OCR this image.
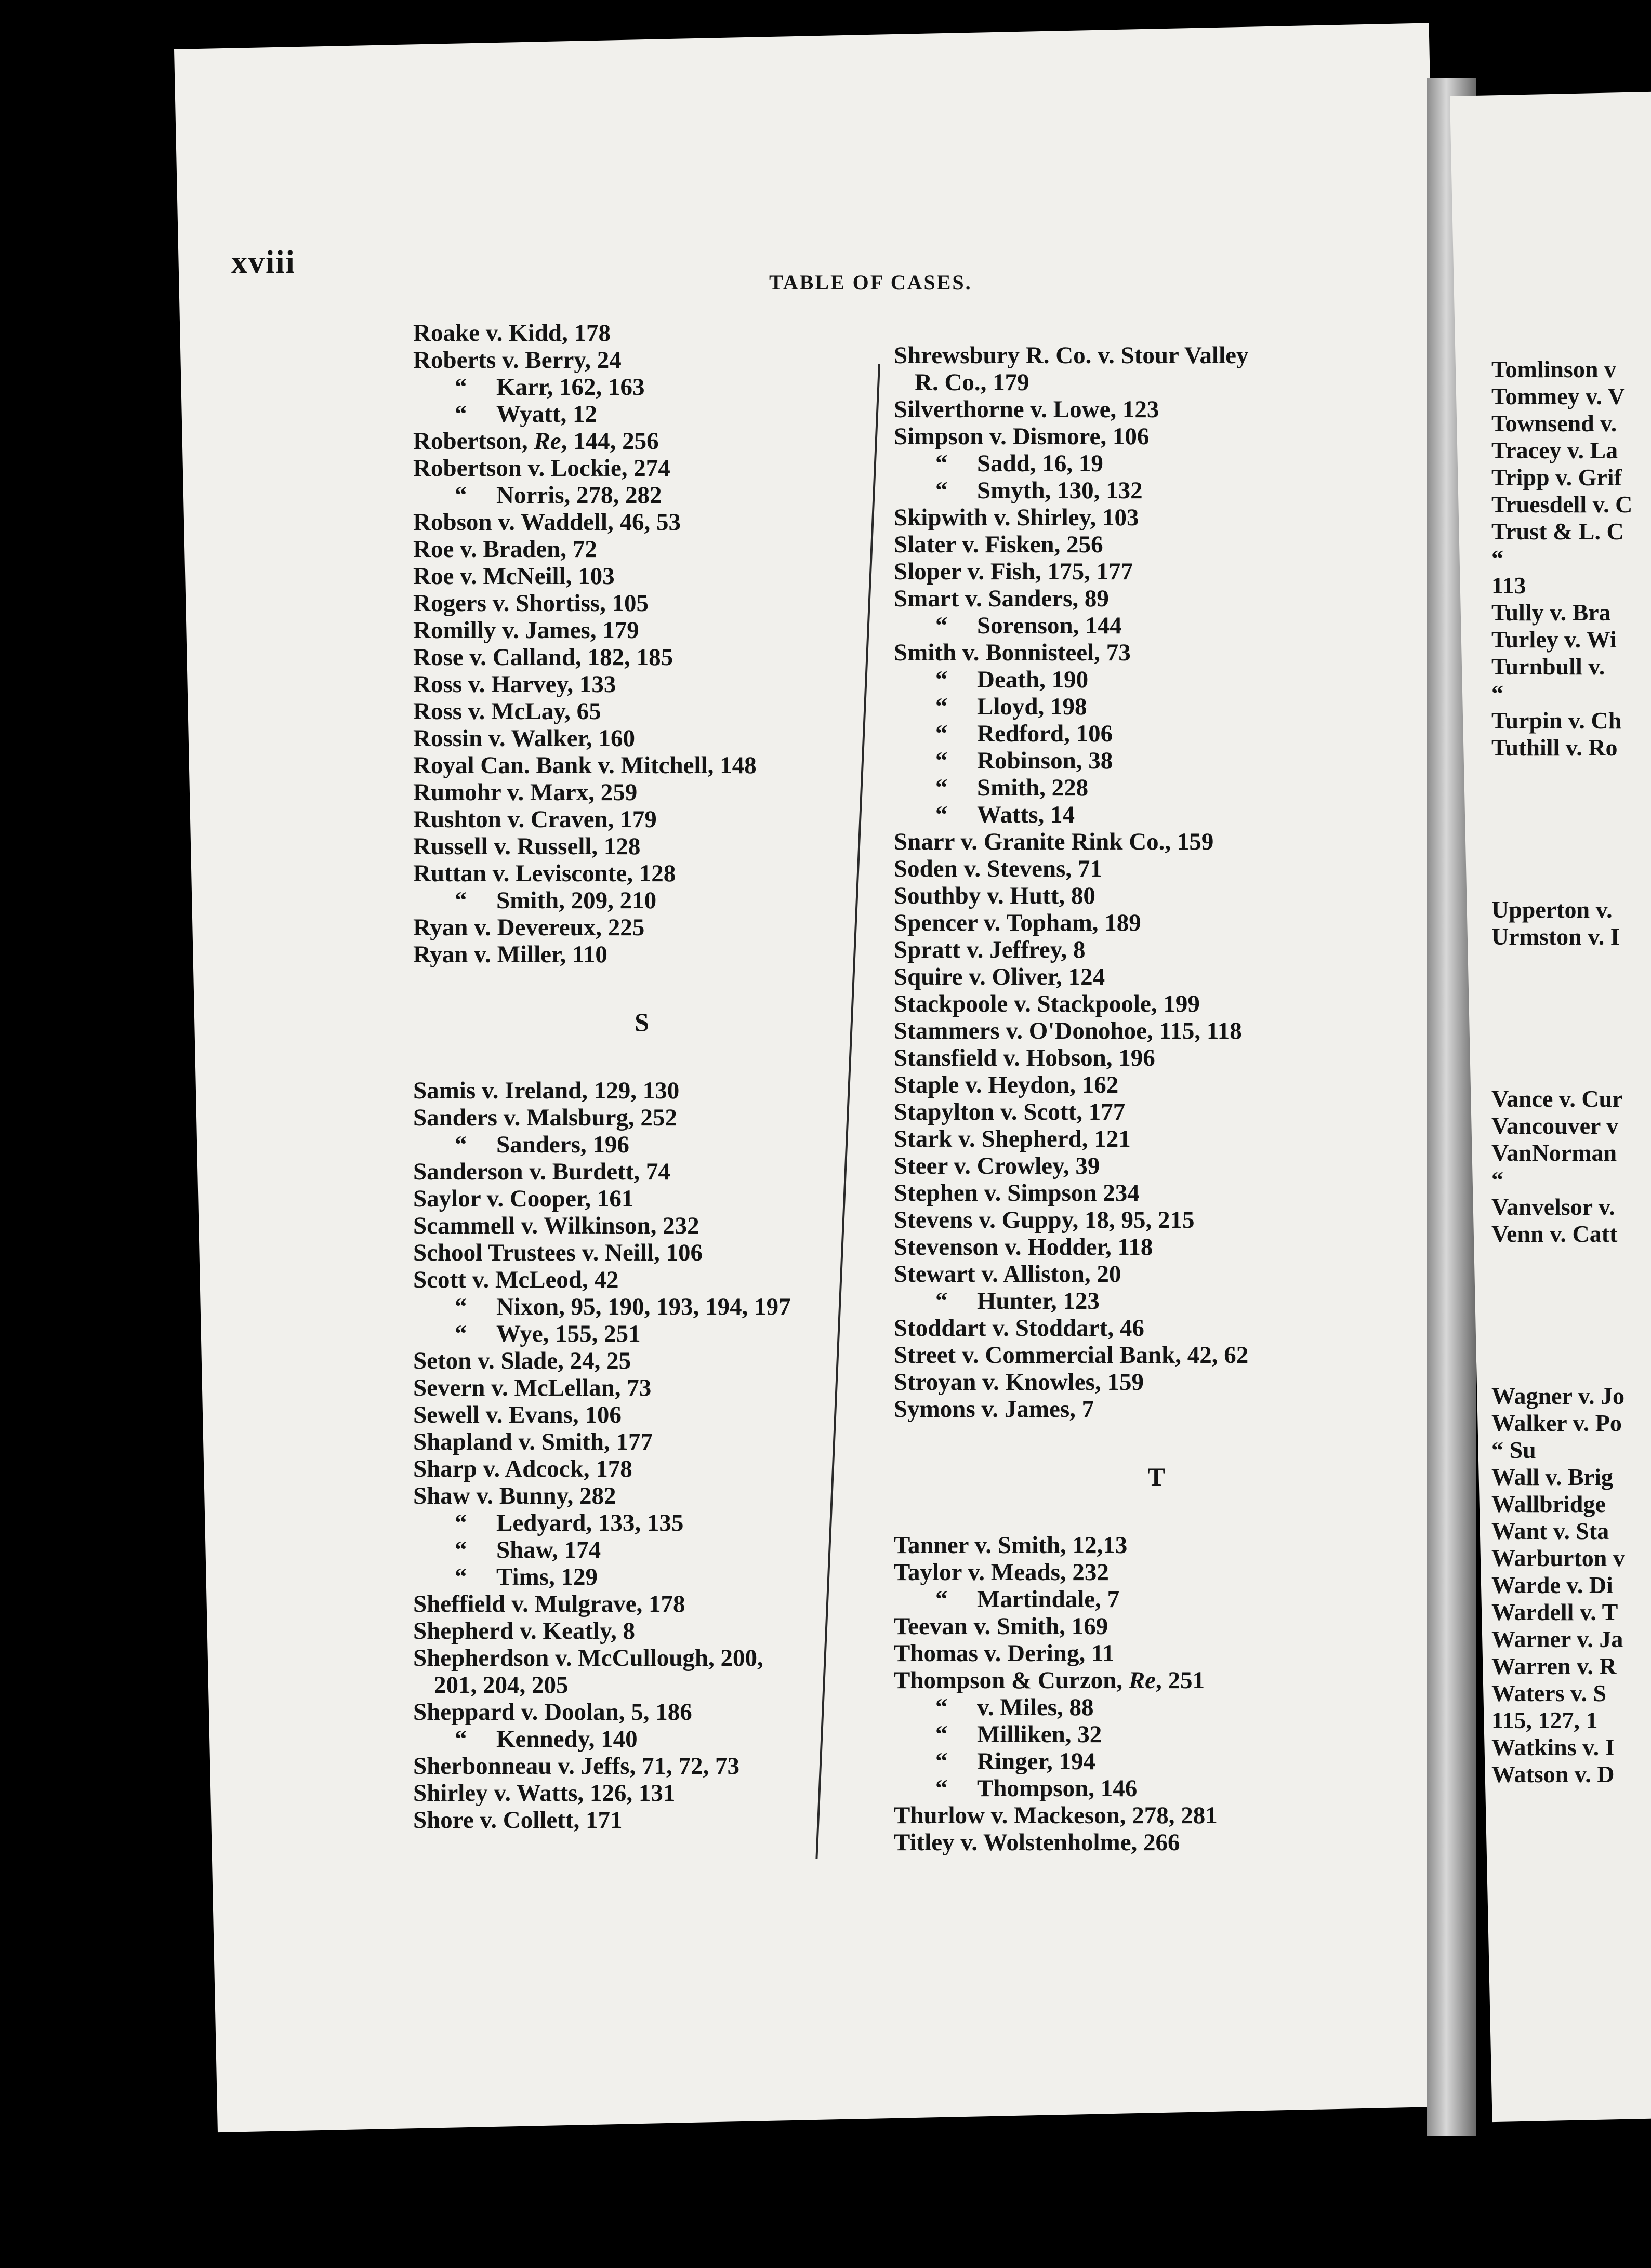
xviii
TABLE OF CASES.
Roake v. Kidd, 178
Roberts v. Berry, 24
“ Karr, 162, 163
“ Wyatt, 12
Robertson, Re, 144, 256
Robertson v. Lockie, 274
“ Norris, 278, 282
Robson v. Waddell, 46, 53
Roe v. Braden, 72
Roe v. McNeill, 103
Rogers v. Shortiss, 105
Romilly v. James, 179
Rose v. Calland, 182, 185
Ross v. Harvey, 133
Ross v. McLay, 65
Rossin v. Walker, 160
Royal Can. Bank v. Mitchell, 148
Rumohr v. Marx, 259
Rushton v. Craven, 179
Russell v. Russell, 128
Ruttan v. Levisconte, 128
“ Smith, 209, 210
Ryan v. Devereux, 225
Ryan v. Miller, 110
S
Samis v. Ireland, 129, 130
Sanders v. Malsburg, 252
“ Sanders, 196
Sanderson v. Burdett, 74
Saylor v. Cooper, 161
Scammell v. Wilkinson, 232
School Trustees v. Neill, 106
Scott v. McLeod, 42
“ Nixon, 95, 190, 193, 194, 197
“ Wye, 155, 251
Seton v. Slade, 24, 25
Severn v. McLellan, 73
Sewell v. Evans, 106
Shapland v. Smith, 177
Sharp v. Adcock, 178
Shaw v. Bunny, 282
“ Ledyard, 133, 135
“ Shaw, 174
“ Tims, 129
Sheffield v. Mulgrave, 178
Shepherd v. Keatly, 8
Shepherdson v. McCullough, 200,
201, 204, 205
Sheppard v. Doolan, 5, 186
“ Kennedy, 140
Sherbonneau v. Jeffs, 71, 72, 73
Shirley v. Watts, 126, 131
Shore v. Collett, 171
Shrewsbury R. Co. v. Stour Valley
R. Co., 179
Silverthorne v. Lowe, 123
Simpson v. Dismore, 106
“ Sadd, 16, 19
“ Smyth, 130, 132
Skipwith v. Shirley, 103
Slater v. Fisken, 256
Sloper v. Fish, 175, 177
Smart v. Sanders, 89
“ Sorenson, 144
Smith v. Bonnisteel, 73
“ Death, 190
“ Lloyd, 198
“ Redford, 106
“ Robinson, 38
“ Smith, 228
“ Watts, 14
Snarr v. Granite Rink Co., 159
Soden v. Stevens, 71
Southby v. Hutt, 80
Spencer v. Topham, 189
Spratt v. Jeffrey, 8
Squire v. Oliver, 124
Stackpoole v. Stackpoole, 199
Stammers v. O'Donohoe, 115, 118
Stansfield v. Hobson, 196
Staple v. Heydon, 162
Stapylton v. Scott, 177
Stark v. Shepherd, 121
Steer v. Crowley, 39
Stephen v. Simpson 234
Stevens v. Guppy, 18, 95, 215
Stevenson v. Hodder, 118
Stewart v. Alliston, 20
“ Hunter, 123
Stoddart v. Stoddart, 46
Street v. Commercial Bank, 42, 62
Stroyan v. Knowles, 159
Symons v. James, 7
T
Tanner v. Smith, 12,13
Taylor v. Meads, 232
“ Martindale, 7
Teevan v. Smith, 169
Thomas v. Dering, 11
Thompson & Curzon, Re, 251
“ v. Miles, 88
“ Milliken, 32
“ Ringer, 194
“ Thompson, 146
Thurlow v. Mackeson, 278, 281
Titley v. Wolstenholme, 266
Tomlinson v
Tommey v. V
Townsend v.
Tracey v. La
Tripp v. Grif
Truesdell v. C
Trust & L. C
“
113
Tully v. Bra
Turley v. Wi
Turnbull v.
“
Turpin v. Ch
Tuthill v. Ro

Upperton v.
Urmston v. I

Vance v. Cur
Vancouver v
VanNorman
“
Vanvelsor v.
Venn v. Catt

Wagner v. Jo
Walker v. Po
“ Su
Wall v. Brig
Wallbridge
Want v. Sta
Warburton v
Warde v. Di
Wardell v. T
Warner v. Ja
Warren v. R
Waters v. S
115, 127, 1
Watkins v. I
Watson v. D
